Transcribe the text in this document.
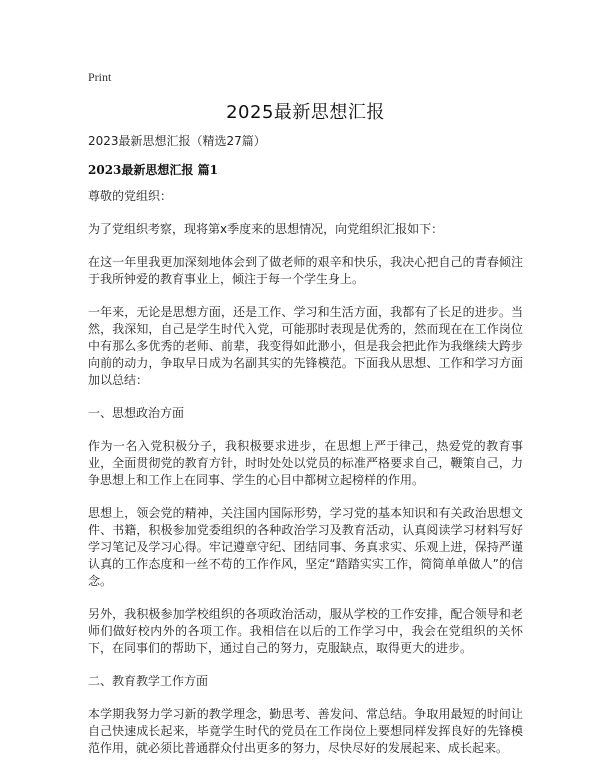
Print
2025最新思想汇报
2023最新思想汇报（精选27篇）
2023最新思想汇报 篇1

尊敬的党组织：

为了党组织考察，现将第x季度来的思想情况，向党组织汇报如下：

在这一年里我更加深刻地体会到了做老师的艰辛和快乐，我决心把自己的青春倾注于我所钟爱的教育事业上，倾注于每一个学生身上。

一年来，无论是思想方面，还是工作、学习和生活方面，我都有了长足的进步。当然，我深知，自己是学生时代入党，可能那时表现是优秀的，然而现在在工作岗位中有那么多优秀的老师、前辈，我变得如此渺小，但是我会把此作为我继续大跨步向前的动力，争取早日成为名副其实的先锋模范。下面我从思想、工作和学习方面加以总结：

一、思想政治方面

作为一名入党积极分子，我积极要求进步，在思想上严于律己，热爱党的教育事业，全面贯彻党的教育方针，时时处处以党员的标准严格要求自己，鞭策自己，力争思想上和工作上在同事、学生的心目中都树立起榜样的作用。

思想上，领会党的精神，关注国内国际形势，学习党的基本知识和有关政治思想文件、书籍，积极参加党委组织的各种政治学习及教育活动，认真阅读学习材料写好学习笔记及学习心得。牢记遵章守纪、团结同事、务真求实、乐观上进，保持严谨认真的工作态度和一丝不苟的工作作风，坚定“踏踏实实工作，简简单单做人”的信念。

另外，我积极参加学校组织的各项政治活动，服从学校的工作安排，配合领导和老师们做好校内外的各项工作。我相信在以后的工作学习中，我会在党组织的关怀下，在同事们的帮助下，通过自己的努力，克服缺点，取得更大的进步。

二、教育教学工作方面

本学期我努力学习新的教学理念，勤思考、善发问、常总结。争取用最短的时间让自己快速成长起来，毕竟学生时代的党员在工作岗位上要想同样发挥良好的先锋模范作用，就必须比普通群众付出更多的努力，尽快尽好的发展起来、成长起来。
